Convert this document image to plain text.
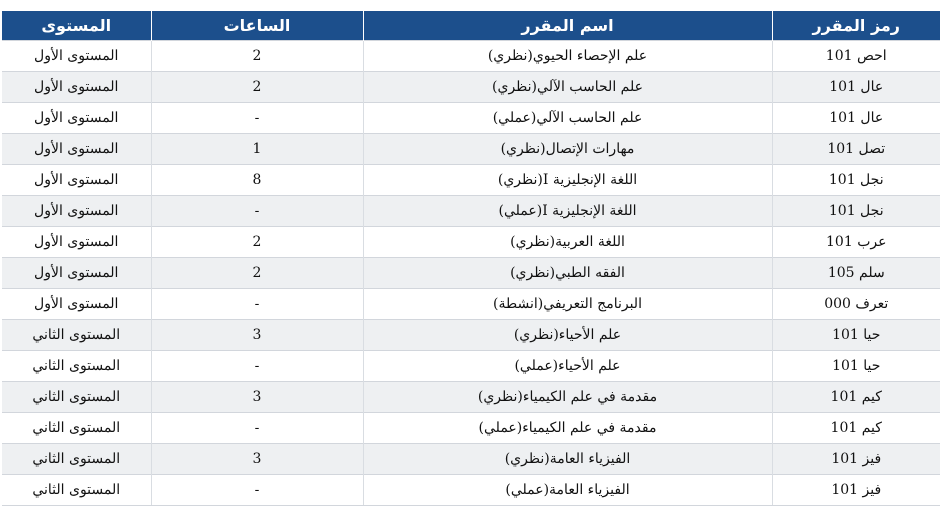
رمز المقرر	اسم المقرر	الساعات	المستوى
احص 101	علم الإحصاء الحيوي(نظري)	2	المستوى الأول
عال 101	علم الحاسب الآلي(نظري)	2	المستوى الأول
عال 101	علم الحاسب الآلي(عملي)	-	المستوى الأول
تصل 101	مهارات الإتصال(نظري)	1	المستوى الأول
نجل 101	اللغة الإنجليزية I(نظري)	8	المستوى الأول
نجل 101	اللغة الإنجليزية I(عملي)	-	المستوى الأول
عرب 101	اللغة العربية(نظري)	2	المستوى الأول
سلم 105	الفقه الطبي(نظري)	2	المستوى الأول
تعرف 000	البرنامج التعريفي(انشطة)	-	المستوى الأول
حيا 101	علم الأحياء(نظري)	3	المستوى الثاني
حيا 101	علم الأحياء(عملي)	-	المستوى الثاني
كيم 101	مقدمة في علم الكيمياء(نظري)	3	المستوى الثاني
كيم 101	مقدمة في علم الكيمياء(عملي)	-	المستوى الثاني
فيز 101	الفيزياء العامة(نظري)	3	المستوى الثاني
فيز 101	الفيزياء العامة(عملي)	-	المستوى الثاني
